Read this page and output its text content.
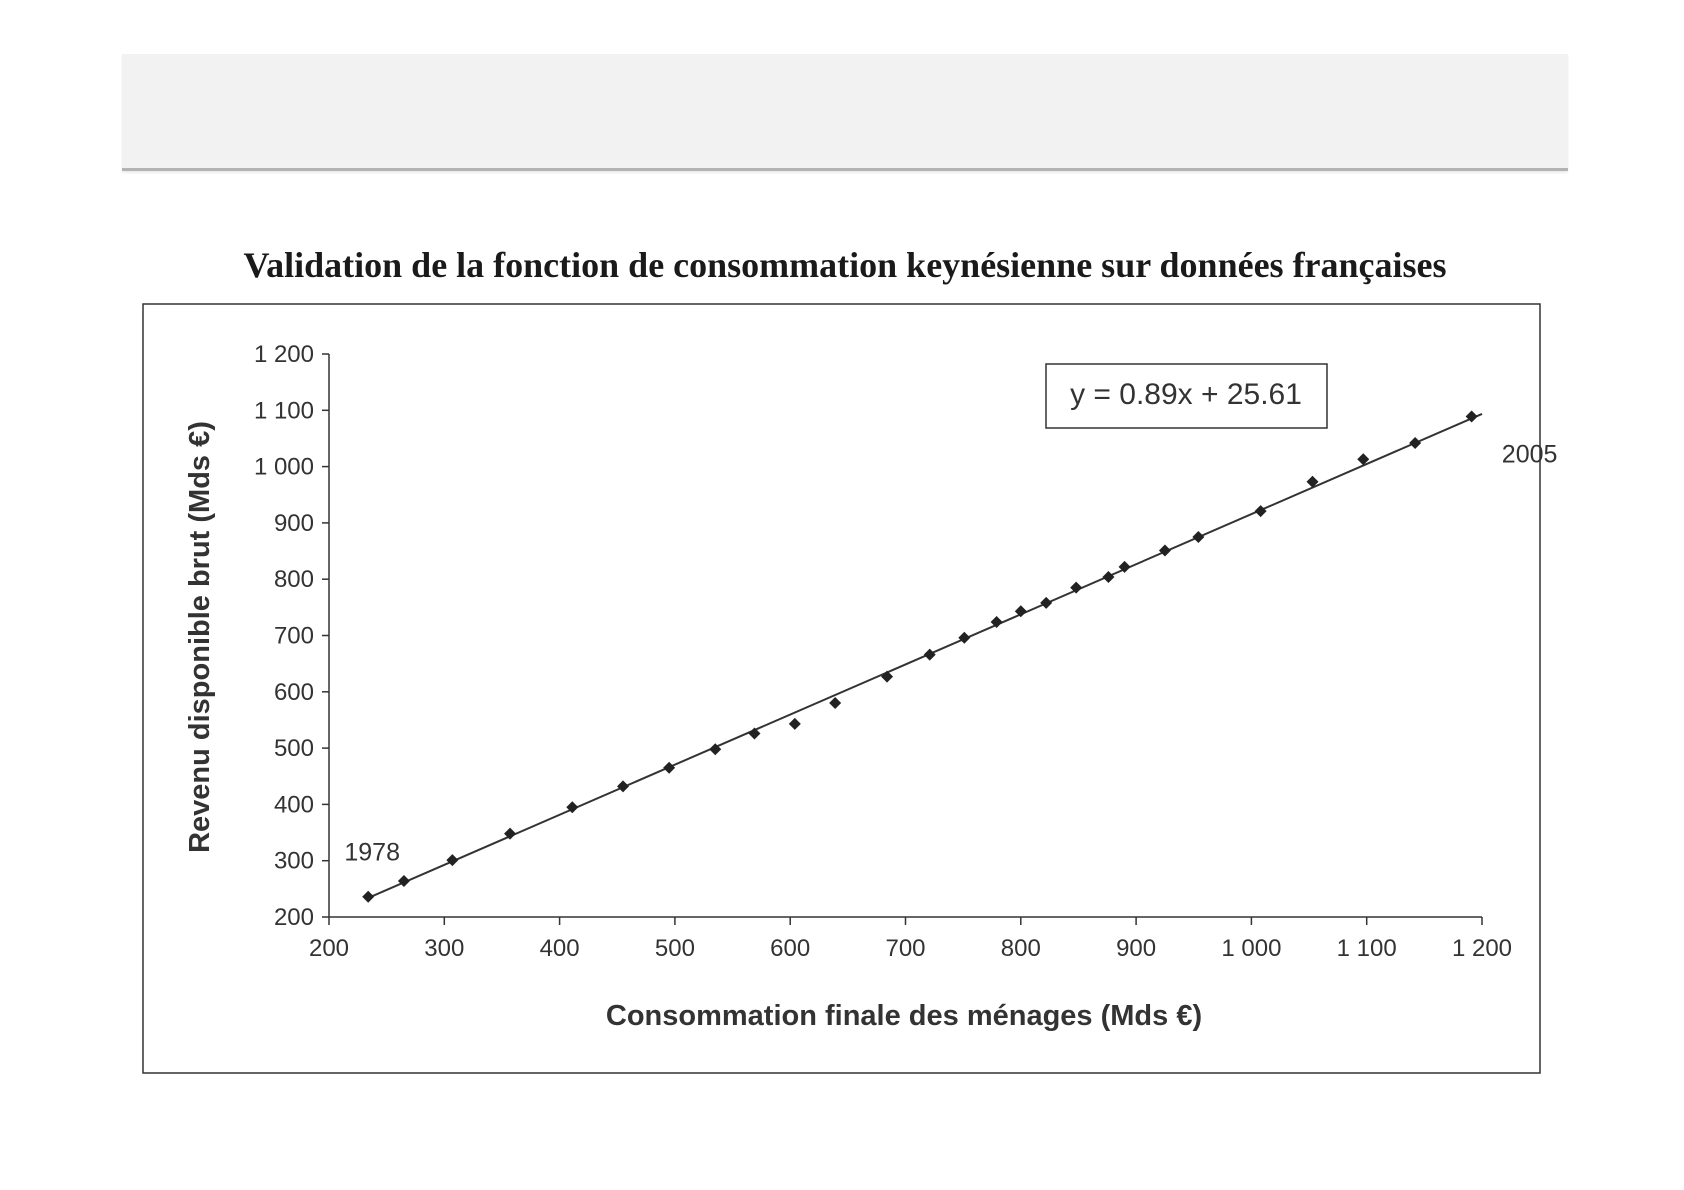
Validation de la fonction de consommation keynésienne sur données françaises
200
300
400
500
600
700
800
900
1 000
1 100
1 200
200	300	400	500	600	700	800	900	1 000 1 100 1 200
1978
2005
Consommation finale des ménages (Mds €)
Revenu disponible brut (Mds €)
y = 0.89x + 25.61
